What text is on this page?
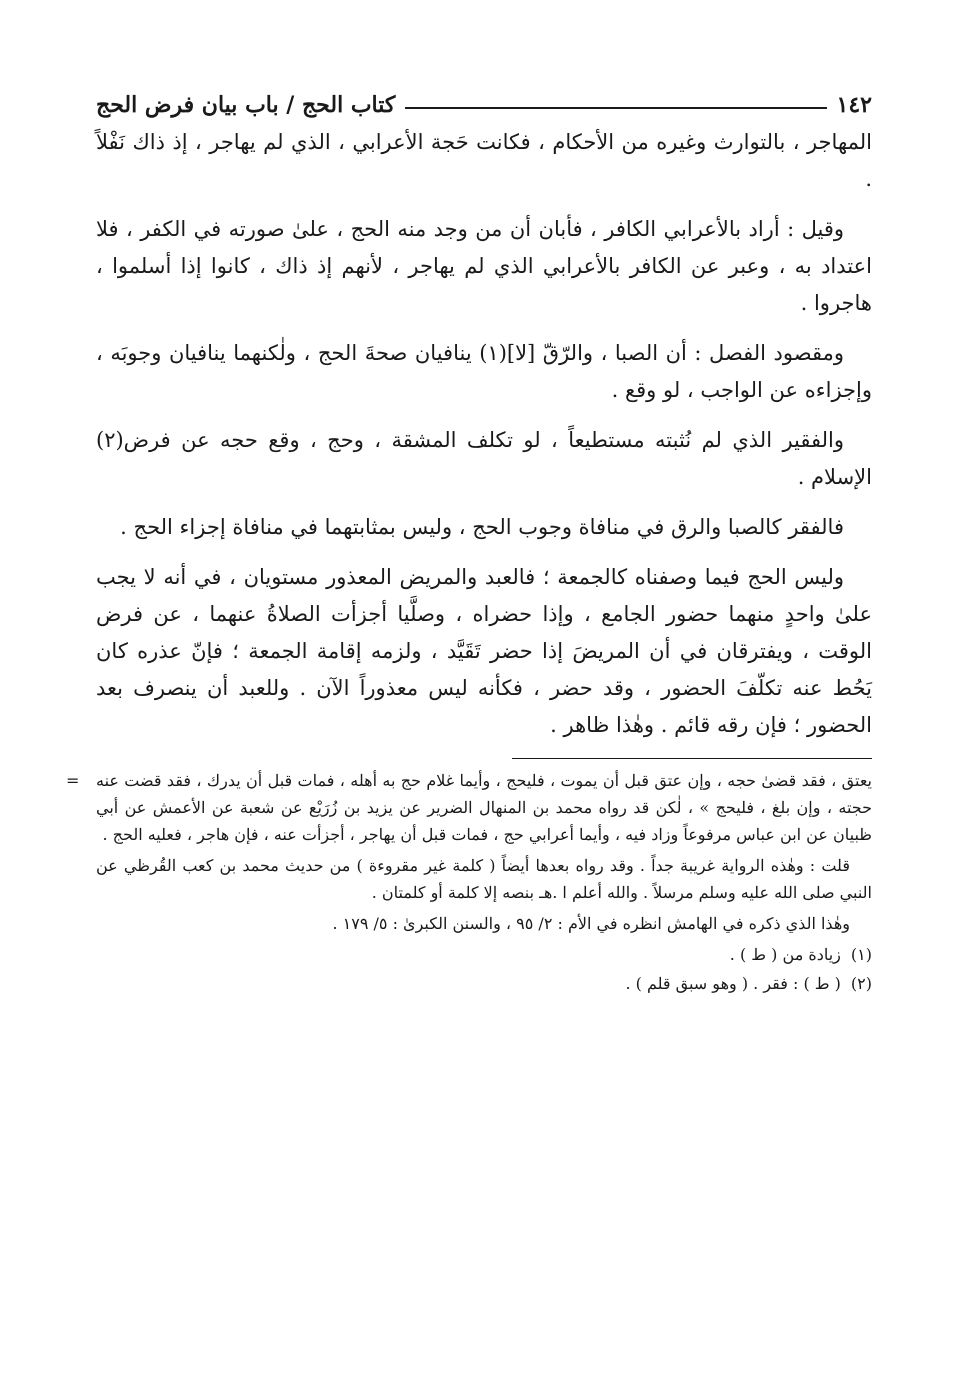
١٤٢
كتاب الحج / باب بيان فرض الحج

المهاجر ، بالتوارث وغيره من الأحكام ، فكانت حَجة الأعرابي ، الذي لم يهاجر ، إذ ذاك نَفْلاً .

وقيل : أراد بالأعرابي الكافر ، فأبان أن من وجد منه الحج ، علىٰ صورته في الكفر ، فلا اعتداد به ، وعبر عن الكافر بالأعرابي الذي لم يهاجر ، لأنهم إذ ذاك ، كانوا إذا أسلموا ، هاجروا .

ومقصود الفصل : أن الصبا ، والرّقّ [لا](١) ينافيان صحةَ الحج ، ولٰكنهما ينافيان وجوبَه ، وإجزاءه عن الواجب ، لو وقع .

والفقير الذي لم نُثبته مستطيعاً ، لو تكلف المشقة ، وحج ، وقع حجه عن فرض(٢) الإسلام .

فالفقر كالصبا والرق في منافاة وجوب الحج ، وليس بمثابتهما في منافاة إجزاء الحج .

وليس الحج فيما وصفناه كالجمعة ؛ فالعبد والمريض المعذور مستويان ، في أنه لا يجب علىٰ واحدٍ منهما حضور الجامع ، وإذا حضراه ، وصلَّيا أجزأت الصلاةُ عنهما ، عن فرض الوقت ، ويفترقان في أن المريضَ إذا حضر تَقَيَّد ، ولزمه إقامة الجمعة ؛ فإنّ عذره كان يَحُط عنه تكلّفَ الحضور ، وقد حضر ، فكأنه ليس معذوراً الآن . وللعبد أن ينصرف بعد الحضور ؛ فإن رقه قائم . وهٰذا ظاهر .

= يعتق ، فقد قضىٰ حجه ، وإن عتق قبل أن يموت ، فليحج ، وأيما غلام حج به أهله ، فمات قبل أن يدرك ، فقد قضت عنه حجته ، وإن بلغ ، فليحج » ، لٰكن قد رواه محمد بن المنهال الضرير عن يزيد بن زُرَيْع عن شعبة عن الأعمش عن أبي ظبيان عن ابن عباس مرفوعاً وزاد فيه ، وأيما أعرابي حج ، فمات قبل أن يهاجر ، أجزأت عنه ، فإن هاجر ، فعليه الحج .

قلت : وهٰذه الرواية غريبة جداً . وقد رواه بعدها أيضاً ( كلمة غير مقروءة ) من حديث محمد بن كعب القُرظي عن النبي صلى الله عليه وسلم مرسلاً . والله أعلم ا .هـ بنصه إلا كلمة أو كلمتان .

وهٰذا الذي ذكره في الهامش انظره في الأم : ٢/ ٩٥ ، والسنن الكبرىٰ : ٥/ ١٧٩ .

(١)
زيادة من ( ط ) .
(٢)
( ط ) : فقر . ( وهو سبق قلم ) .
